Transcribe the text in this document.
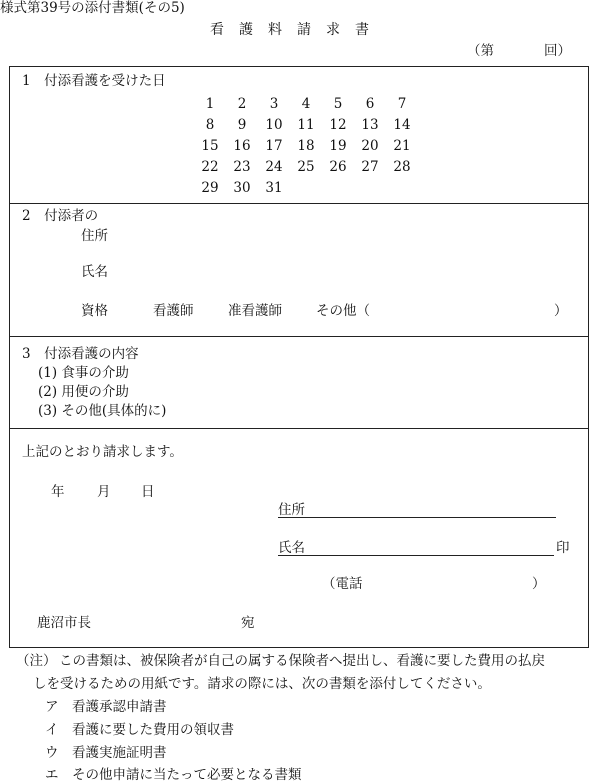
様式第39号の添付書類(その5)
看　護　料　請　求　書
（第	回）
1　付添看護を受けた日
1	2	3	4	5	6	7
8	9	10	11	12	13	14
15	16	17	18	19	20	21
22	23	24	25	26	27	28
29	30	31
2　付添者の
住所
氏名
資格	看護師	准看護師	その他（	）
3　付添看護の内容
(1) 食事の介助
(2) 用便の介助
(3) その他(具体的に)
上記のとおり請求します。
年 月 日
住所
氏名	印
（電話	）
鹿沼市長	宛
（注） この書類は、被保険者が自己の属する保険者へ提出し、看護に要した費用の払戻
しを受けるための用紙です。請求の際には、次の書類を添付してください。
ア　看護承認申請書
イ　看護に要した費用の領収書
ウ　看護実施証明書
エ　その他申請に当たって必要となる書類
